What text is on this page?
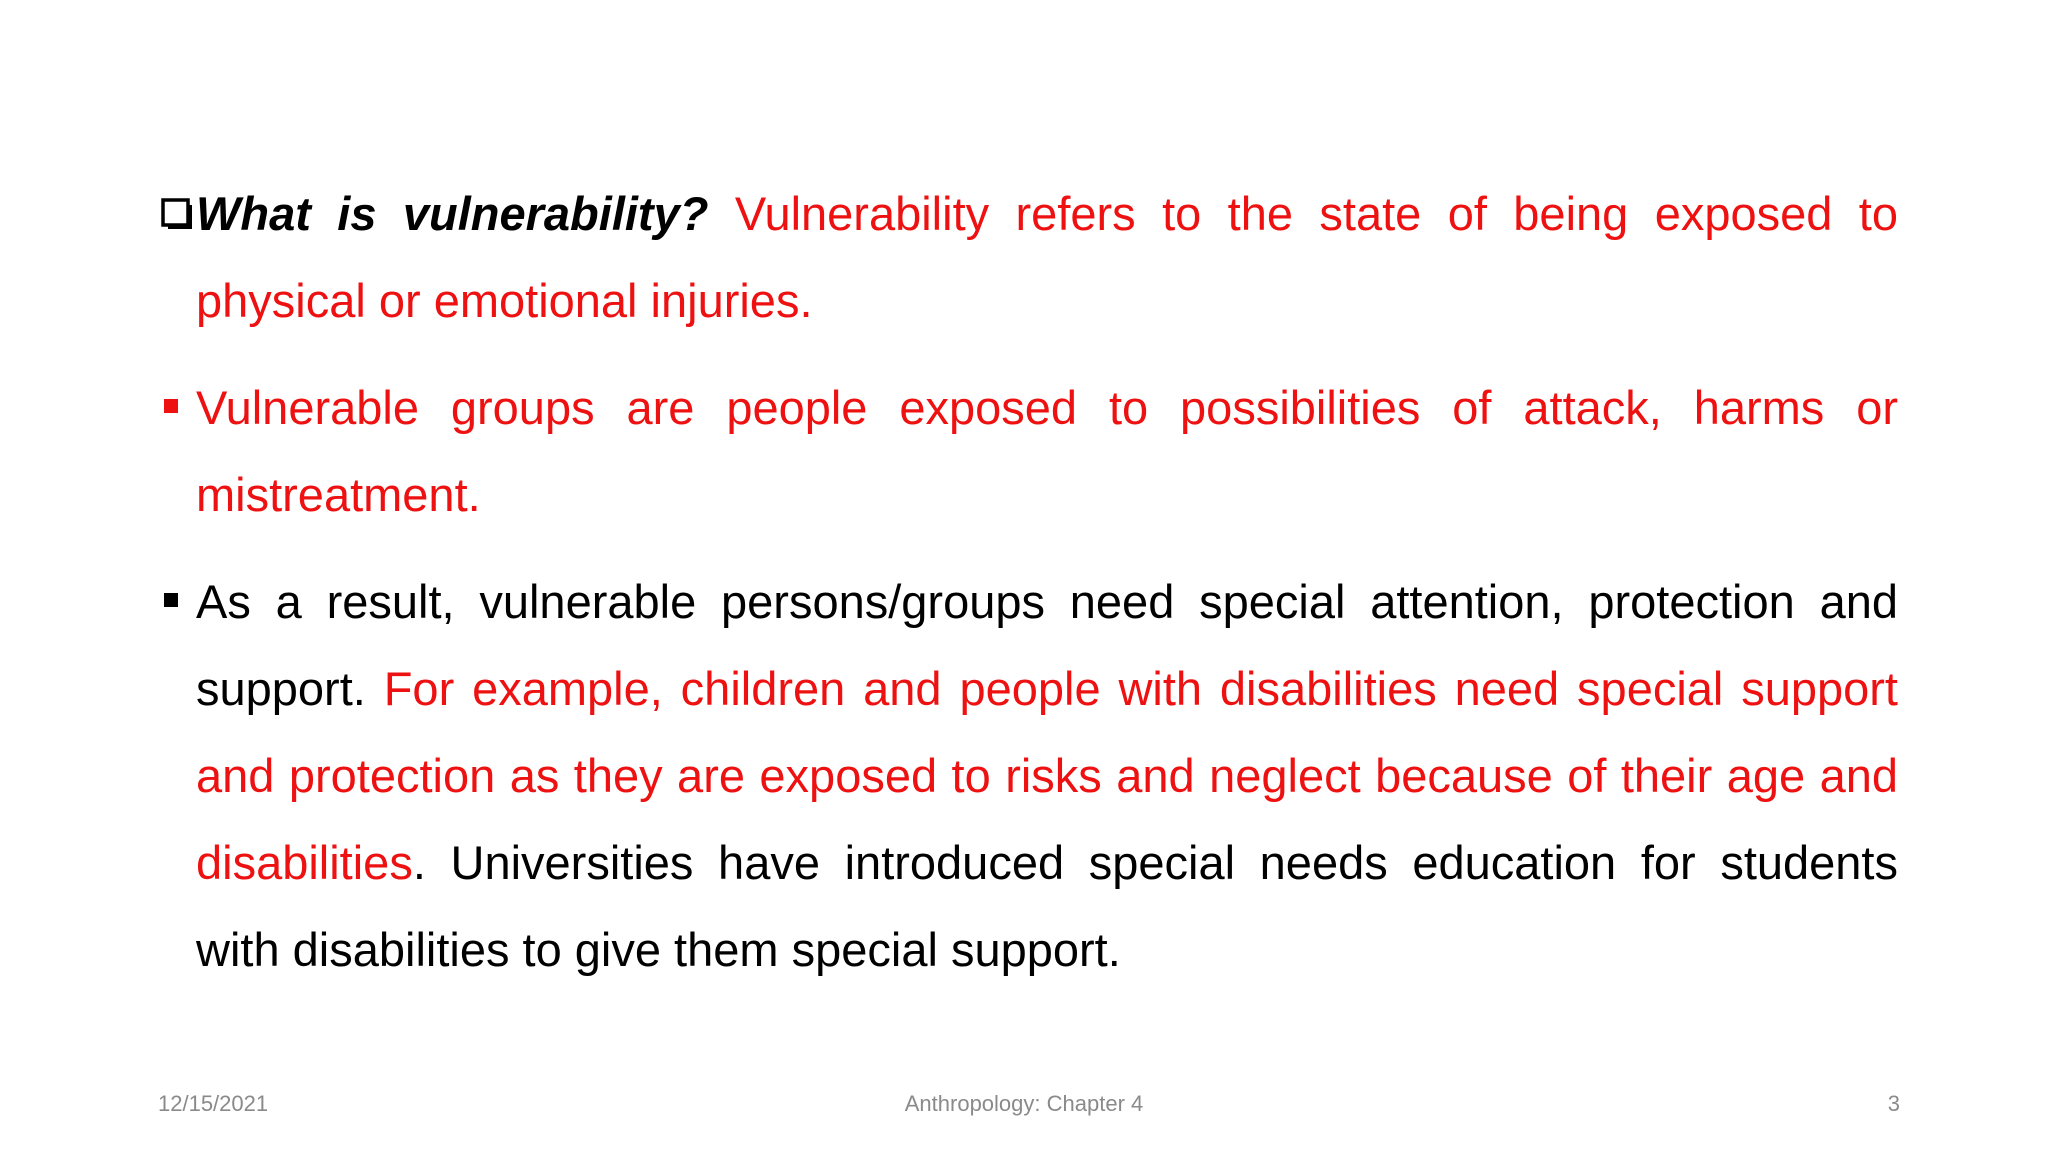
What is vulnerability? Vulnerability refers to the state of being exposed to physical or emotional injuries.
Vulnerable groups are people exposed to possibilities of attack, harms or mistreatment.
As a result, vulnerable persons/groups need special attention, protection and support. For example, children and people with disabilities need special support and protection as they are exposed to risks and neglect because of their age and disabilities. Universities have introduced special needs education for students with disabilities to give them special support.
12/15/2021	Anthropology: Chapter 4	3
